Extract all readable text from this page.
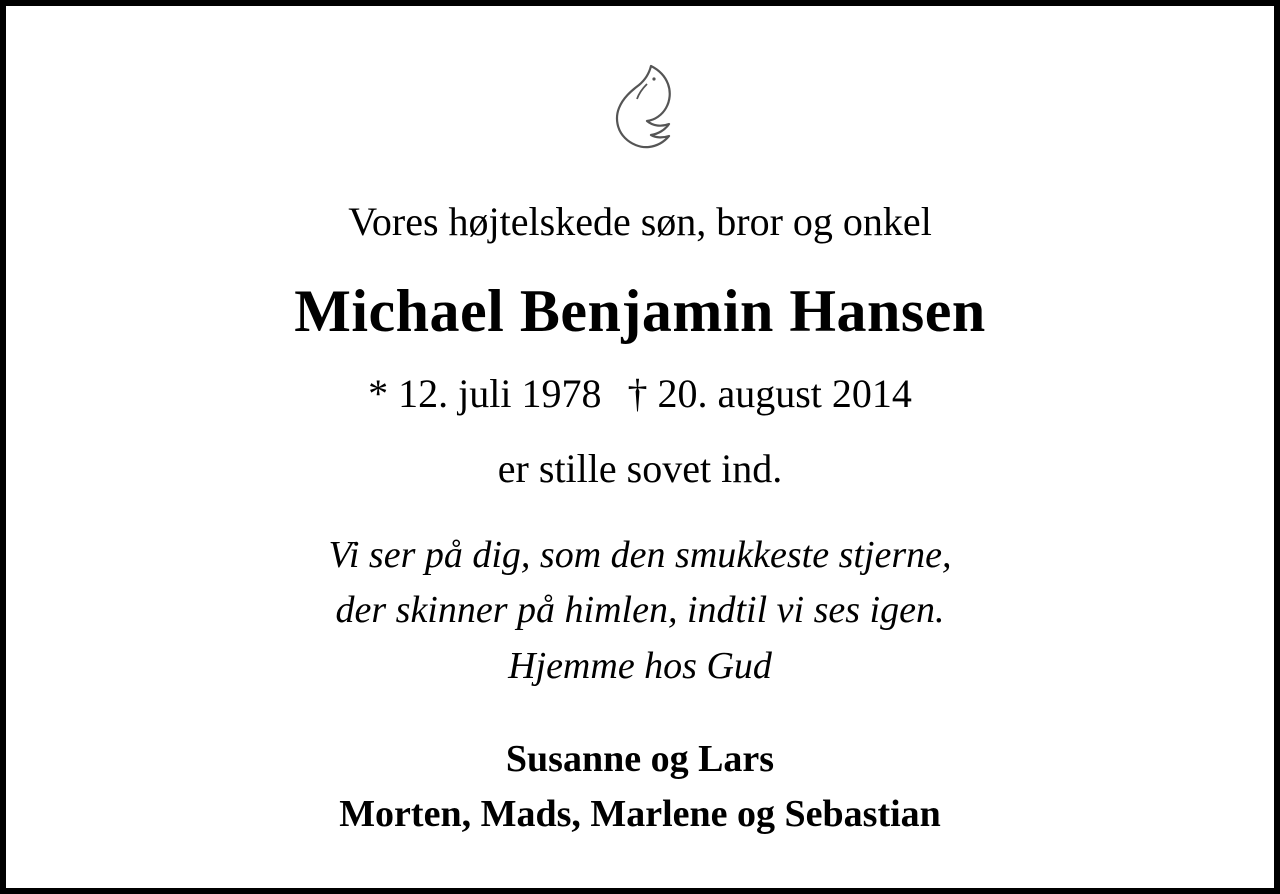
Vores højtelskede søn, bror og onkel
Michael Benjamin Hansen
* 12. juli 1978 † 20. august 2014
er stille sovet ind.
Vi ser på dig, som den smukkeste stjerne,
der skinner på himlen, indtil vi ses igen.
Hjemme hos Gud
Susanne og Lars
Morten, Mads, Marlene og Sebastian
